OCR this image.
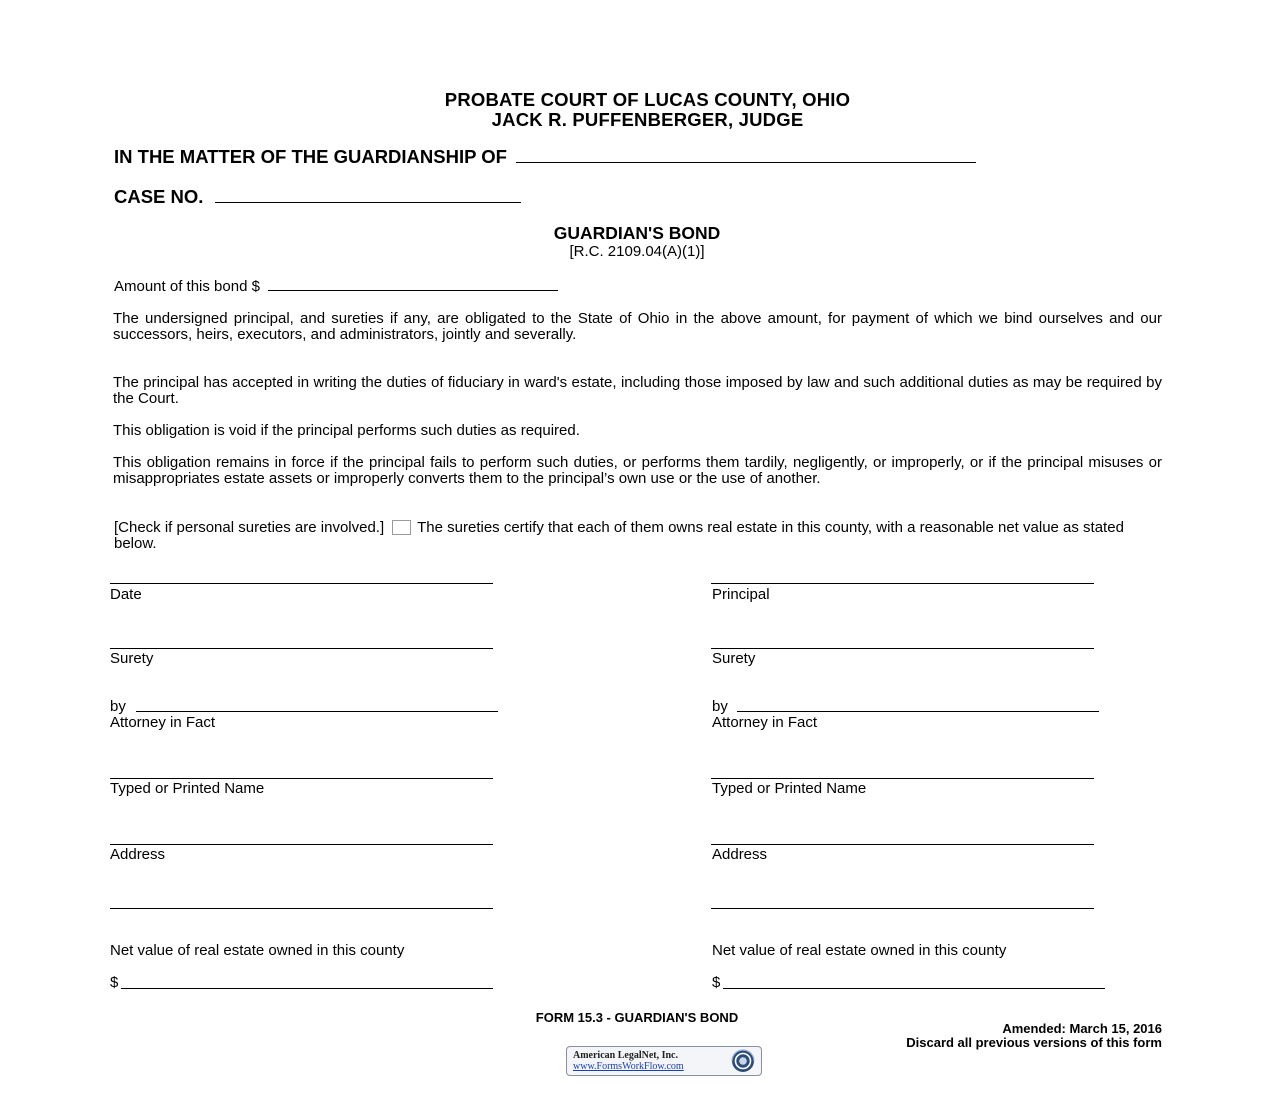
PROBATE COURT OF LUCAS COUNTY, OHIO
JACK R. PUFFENBERGER, JUDGE
IN THE MATTER OF THE GUARDIANSHIP OF
CASE NO.
GUARDIAN'S BOND
[R.C. 2109.04(A)(1)]
Amount of this bond $
The undersigned principal, and sureties if any, are obligated to the State of Ohio in the above amount, for payment of which we bind ourselves and our successors, heirs, executors, and administrators, jointly and severally.
The principal has accepted in writing the duties of fiduciary in ward's estate, including those imposed by law and such additional duties as may be required by the Court.
This obligation is void if the principal performs such duties as required.
This obligation remains in force if the principal fails to perform such duties, or performs them tardily, negligently, or improperly, or if the principal misuses or misappropriates estate assets or improperly converts them to the principal’s own use or the use of another.
[Check if personal sureties are involved.] The sureties certify that each of them owns real estate in this county, with a reasonable net value as stated below.
Date
Surety
by
Attorney in Fact
Typed or Printed Name
Address
Net value of real estate owned in this county
$
Principal
Surety
by
Attorney in Fact
Typed or Printed Name
Address
Net value of real estate owned in this county
$
FORM 15.3 - GUARDIAN'S BOND
Amended: March 15, 2016
Discard all previous versions of this form
American LegalNet, Inc.
www.FormsWorkFlow.com
